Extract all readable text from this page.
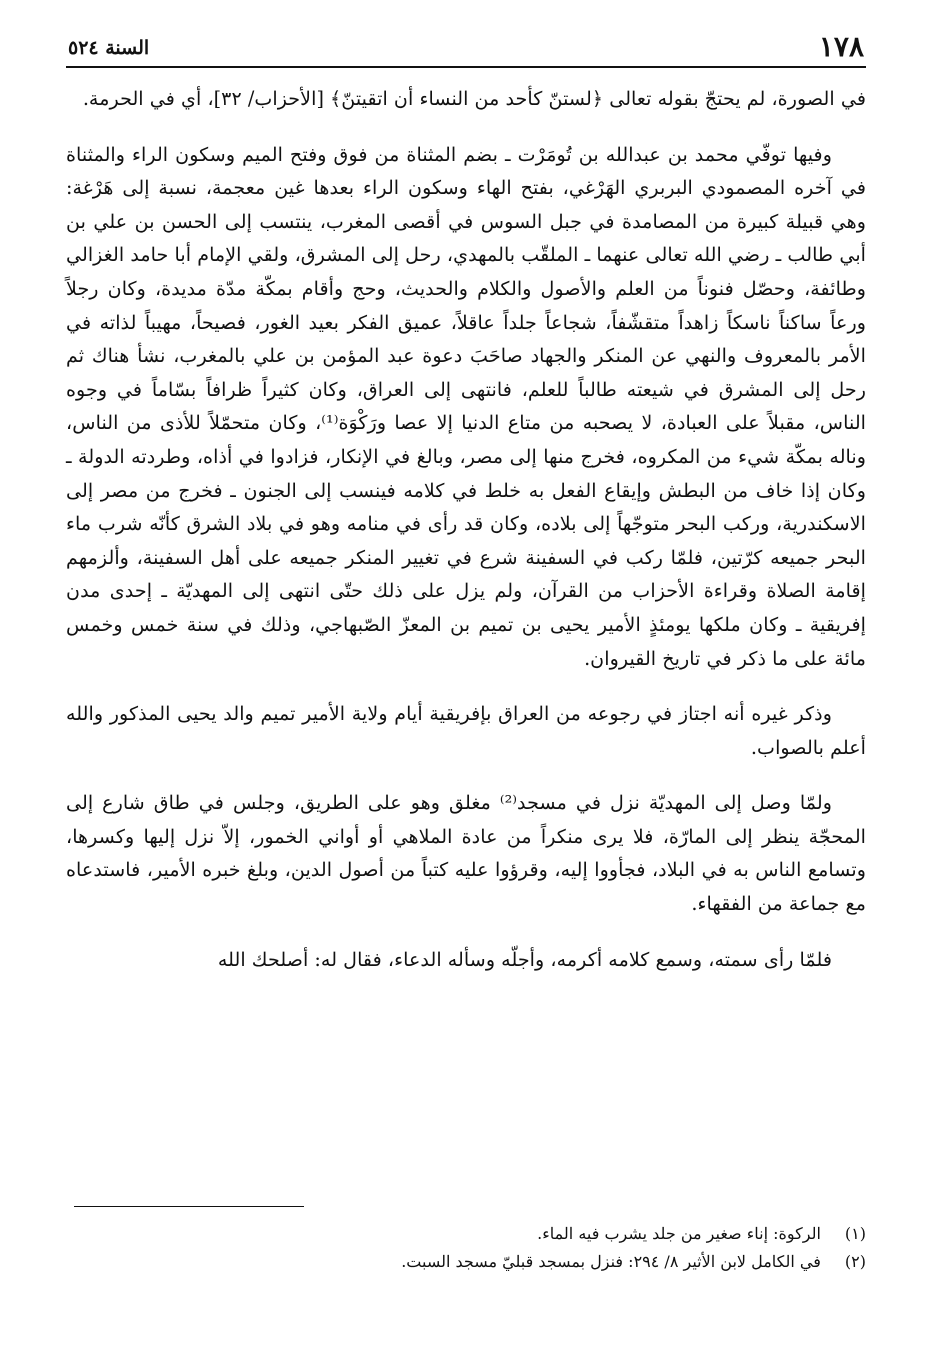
١٧٨
السنة ٥٢٤

في الصورة، لم يحتجّ بقوله تعالى ﴿لستنّ كأحد من النساء أن اتقيتنّ﴾ [الأحزاب/ ٣٢]، أي في الحرمة.

وفيها توفّي محمد بن عبدالله بن تُومَرْت ـ بضم المثناة من فوق وفتح الميم وسكون الراء والمثناة في آخره المصمودي البربري الهَرْغي، بفتح الهاء وسكون الراء بعدها غين معجمة، نسبة إلى هَرْغة: وهي قبيلة كبيرة من المصامدة في جبل السوس في أقصى المغرب، ينتسب إلى الحسن بن علي بن أبي طالب ـ رضي الله تعالى عنهما ـ الملقّب بالمهدي، رحل إلى المشرق، ولقي الإمام أبا حامد الغزالي وطائفة، وحصّل فنوناً من العلم والأصول والكلام والحديث، وحج وأقام بمكّة مدّة مديدة، وكان رجلاً ورعاً ساكناً ناسكاً زاهداً متقشّفاً، شجاعاً جلداً عاقلاً، عميق الفكر بعيد الغور، فصيحاً، مهيباً لذاته في الأمر بالمعروف والنهي عن المنكر والجهاد صاحَبَ دعوة عبد المؤمن بن علي بالمغرب، نشأ هناك ثم رحل إلى المشرق في شيعته طالباً للعلم، فانتهى إلى العراق، وكان كثيراً ظرافاً بسّاماً في وجوه الناس، مقبلاً على العبادة، لا يصحبه من متاع الدنيا إلا عصا ورَكْوَة⁽¹⁾، وكان متحمّلاً للأذى من الناس، وناله بمكّة شيء من المكروه، فخرج منها إلى مصر، وبالغ في الإنكار، فزادوا في أذاه، وطردته الدولة ـ وكان إذا خاف من البطش وإيقاع الفعل به خلط في كلامه فينسب إلى الجنون ـ فخرج من مصر إلى الاسكندرية، وركب البحر متوجّهاً إلى بلاده، وكان قد رأى في منامه وهو في بلاد الشرق كأنّه شرب ماء البحر جميعه كرّتين، فلمّا ركب في السفينة شرع في تغيير المنكر جميعه على أهل السفينة، وألزمهم إقامة الصلاة وقراءة الأحزاب من القرآن، ولم يزل على ذلك حتّى انتهى إلى المهديّة ـ إحدى مدن إفريقية ـ وكان ملكها يومئذٍ الأمير يحيى بن تميم بن المعزّ الصّبهاجي، وذلك في سنة خمس وخمس مائة على ما ذكر في تاريخ القيروان.

وذكر غيره أنه اجتاز في رجوعه من العراق بإفريقية أيام ولاية الأمير تميم والد يحيى المذكور والله أعلم بالصواب.

ولمّا وصل إلى المهديّة نزل في مسجد⁽²⁾ مغلق وهو على الطريق، وجلس في طاق شارع إلى المحجّة ينظر إلى المارّة، فلا يرى منكراً من عادة الملاهي أو أواني الخمور، إلاّ نزل إليها وكسرها، وتسامع الناس به في البلاد، فجأووا إليه، وقرؤوا عليه كتباً من أصول الدين، وبلغ خبره الأمير، فاستدعاه مع جماعة من الفقهاء.

فلمّا رأى سمته، وسمع كلامه أكرمه، وأجلّه وسأله الدعاء، فقال له: أصلحك الله

(١) الركوة: إناء صغير من جلد يشرب فيه الماء.
(٢) في الكامل لابن الأثير ٨/ ٢٩٤: فنزل بمسجد قبليّ مسجد السبت.
